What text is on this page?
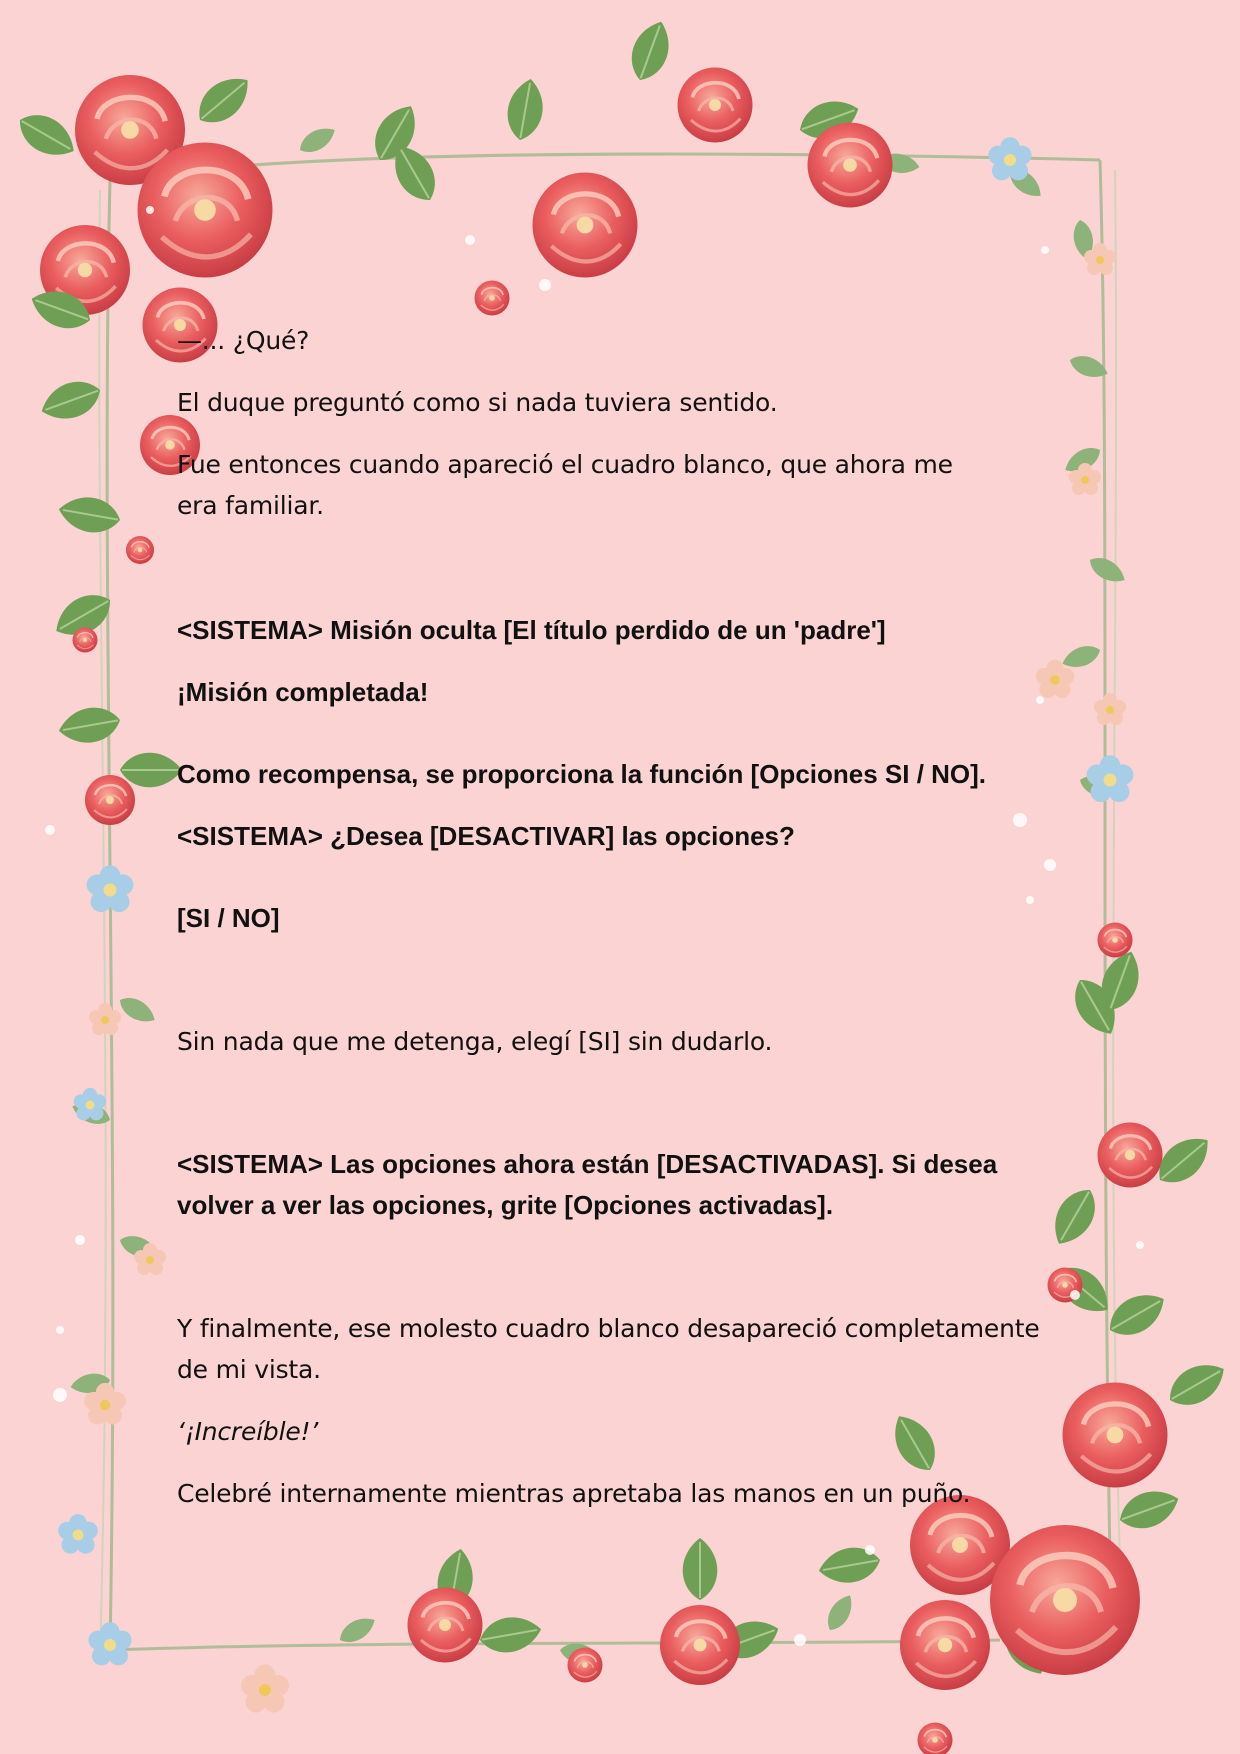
—... ¿Qué?

El duque preguntó como si nada tuviera sentido.

Fue entonces cuando apareció el cuadro blanco, que ahora me era familiar.

<SISTEMA> Misión oculta [El título perdido de un 'padre']

¡Misión completada!

Como recompensa, se proporciona la función [Opciones SI / NO].

<SISTEMA> ¿Desea [DESACTIVAR] las opciones?

[SI / NO]

Sin nada que me detenga, elegí [SI] sin dudarlo.

<SISTEMA> Las opciones ahora están [DESACTIVADAS]. Si desea volver a ver las opciones, grite [Opciones activadas].

Y finalmente, ese molesto cuadro blanco desapareció completamente de mi vista.

‘¡Increíble!’

Celebré internamente mientras apretaba las manos en un puño.
